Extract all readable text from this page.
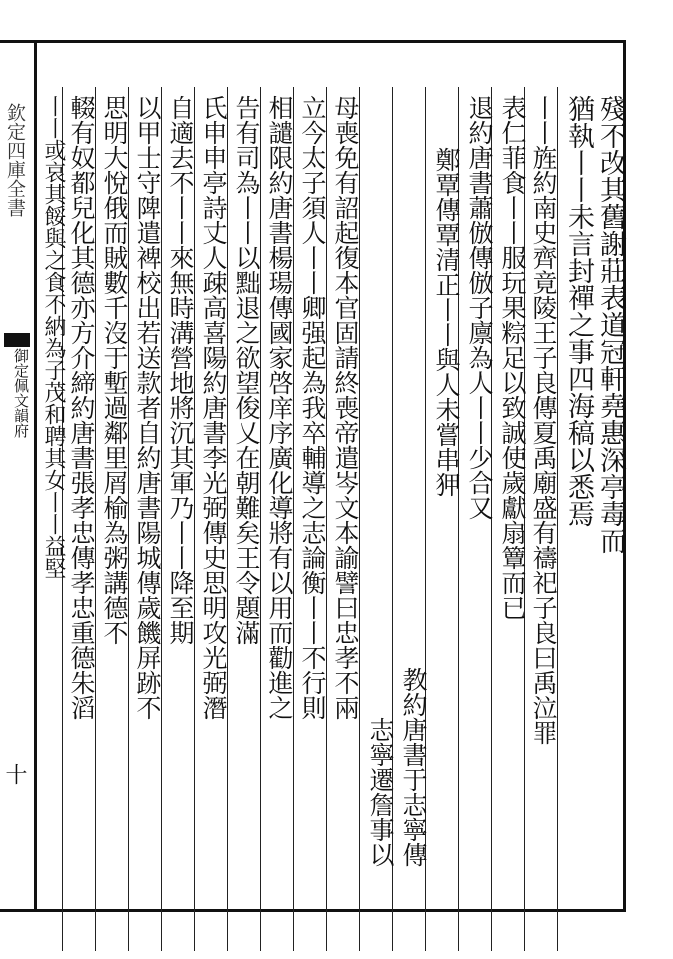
欽定四庫全書
御定佩文韻府
十
殘不改其舊謝莊表道冠軒堯惠深亭毒而
猶執丨丨未言封禪之事四海稿以悉焉
丨丨旌約南史齊竟陵王子良傳夏禹廟盛有禱祀子良曰禹泣罪
表仁菲食丨丨服玩果粽足以致誠使歲獻扇簟而已
退約唐書蕭倣傳倣子廪為人丨丨少合又
鄭覃傳覃清正丨丨與人未嘗串狎
教約唐書于志寧傳
志寧遷詹事以
母喪免有詔起復本官固請終喪帝遣岑文本諭譬曰忠孝不兩
立今太子須人丨丨卿强起為我卒輔導之志論衡丨丨不行則
相譴限約唐書楊瑒傳國家啓庠序廣化導將有以用而勸進之
告有司為丨丨以黜退之欲望俊乂在朝難矣王令題滿
氏申申亭詩丈人疎高喜陽約唐書李光弼傳史思明攻光弼潛
自適去不丨丨來無時溝營地將沉其軍乃丨丨降至期
以甲士守陴遣裨校出若送款者自約唐書陽城傳歲饑屏跡不
思明大悅俄而賊數千沒于塹過鄰里屑榆為粥講德不
輟有奴都兒化其德亦方介締約唐書張孝忠傳孝忠重德朱滔
丨丨或哀其餒與之食不納為子茂和聘其女丨丨益堅
